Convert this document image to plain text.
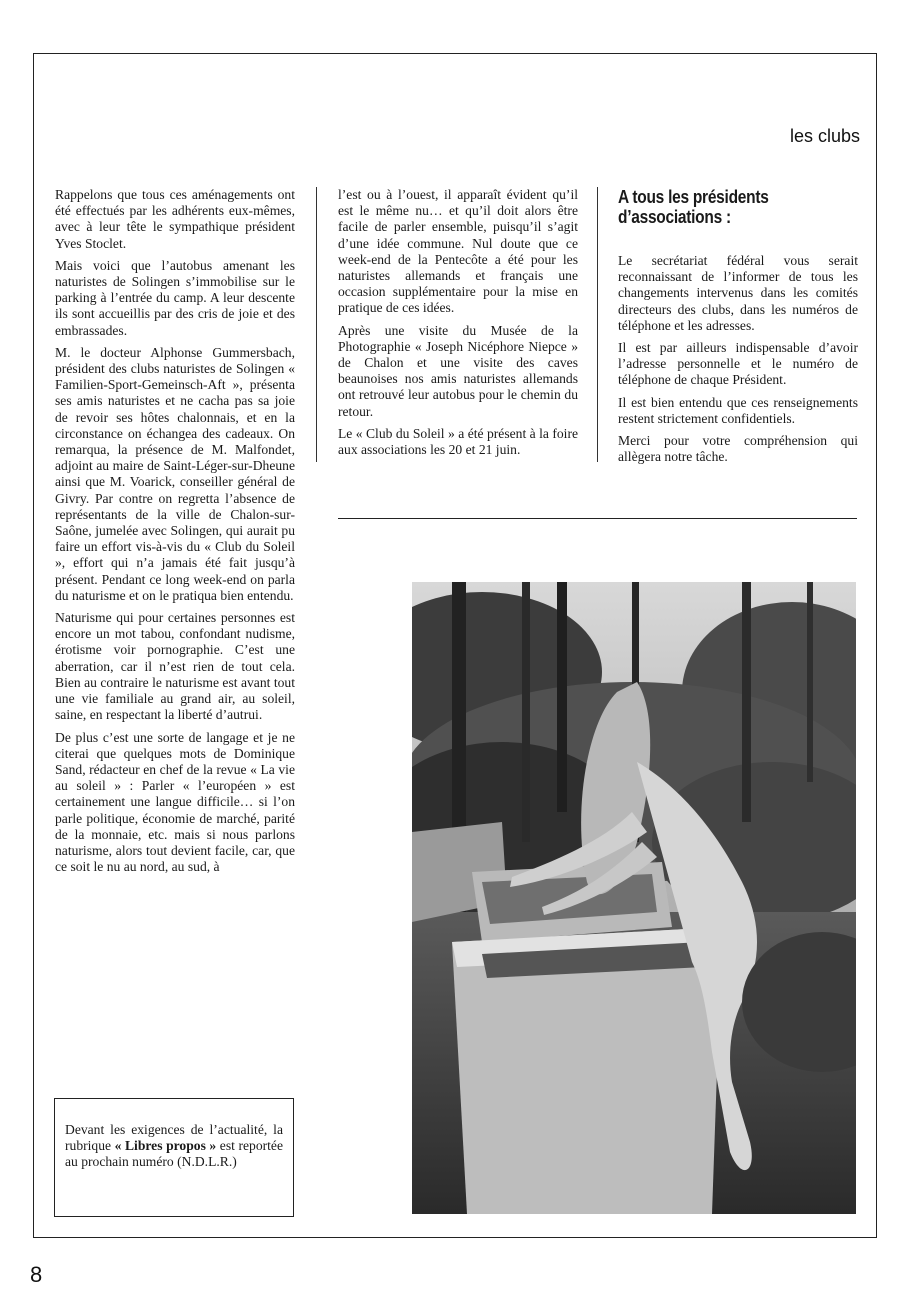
les clubs

Rappelons que tous ces aménagements ont été effectués par les adhérents eux-mêmes, avec à leur tête le sympathique président Yves Stoclet.

Mais voici que l’autobus amenant les naturistes de Solingen s’immobilise sur le parking à l’entrée du camp. A leur descente ils sont accueillis par des cris de joie et des embrassades.

M. le docteur Alphonse Gummersbach, président des clubs naturistes de Solingen « Familien-Sport-Gemeinsch-Aft », présenta ses amis naturistes et ne cacha pas sa joie de revoir ses hôtes chalonnais, et en la circonstance on échangea des cadeaux. On remarqua, la présence de M. Malfondet, adjoint au maire de Saint-Léger-sur-Dheune ainsi que M. Voarick, conseiller général de Givry. Par contre on regretta l’absence de représentants de la ville de Chalon-sur-Saône, jumelée avec Solingen, qui aurait pu faire un effort vis-à-vis du « Club du Soleil », effort qui n’a jamais été fait jusqu’à présent. Pendant ce long week-end on parla du naturisme et on le pratiqua bien entendu.

Naturisme qui pour certaines personnes est encore un mot tabou, confondant nudisme, érotisme voir pornographie. C’est une aberration, car il n’est rien de tout cela. Bien au contraire le naturisme est avant tout une vie familiale au grand air, au soleil, saine, en respectant la liberté d’autrui.

De plus c’est une sorte de langage et je ne citerai que quelques mots de Dominique Sand, rédacteur en chef de la revue « La vie au soleil » : Parler « l’européen » est certainement une langue difficile… si l’on parle politique, économie de marché, parité de la monnaie, etc. mais si nous parlons naturisme, alors tout devient facile, car, que ce soit le nu au nord, au sud, à

l’est ou à l’ouest, il apparaît évident qu’il est le même nu… et qu’il doit alors être facile de parler ensemble, puisqu’il s’agit d’une idée commune. Nul doute que ce week-end de la Pentecôte a été pour les naturistes allemands et français une occasion supplémentaire pour la mise en pratique de ces idées.

Après une visite du Musée de la Photographie « Joseph Nicéphore Niepce » de Chalon et une visite des caves beaunoises nos amis naturistes allemands ont retrouvé leur autobus pour le chemin du retour.

Le « Club du Soleil » a été présent à la foire aux associations les 20 et 21 juin.

A tous les présidents
d’associations :

Le secrétariat fédéral vous serait reconnaissant de l’informer de tous les changements intervenus dans les comités directeurs des clubs, dans les numéros de téléphone et les adresses.

Il est par ailleurs indispensable d’avoir l’adresse personnelle et le numéro de téléphone de chaque Président.

Il est bien entendu que ces renseignements restent strictement confidentiels.

Merci pour votre compréhension qui allègera notre tâche.

Devant les exigences de l’actualité, la rubrique « Libres propos » est reportée au prochain numéro (N.D.L.R.)
8
